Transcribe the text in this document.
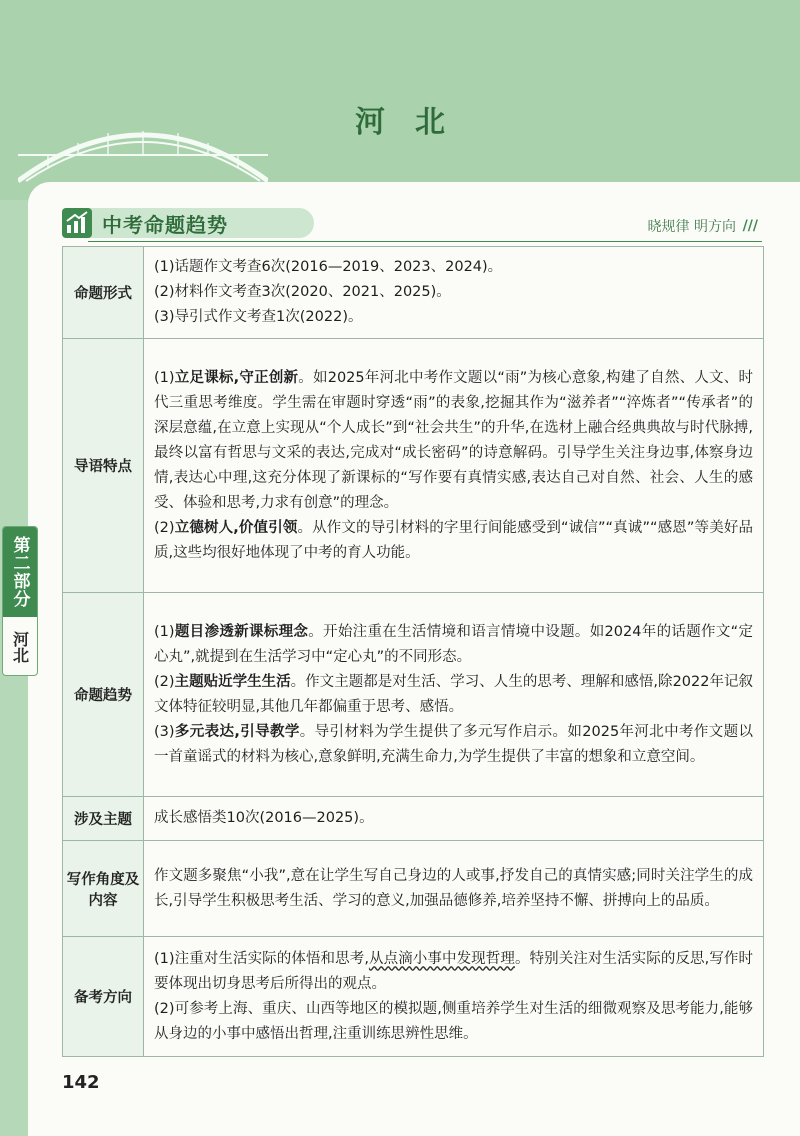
河北
第二部分
河北
中考命题趋势	晓规律 明方向 ///
命题形式	(1)话题作文考查6次(2016—2019、2023、2024)。
(2)材料作文考查3次(2020、2021、2025)。
(3)导引式作文考查1次(2022)。

导语特点	(1)立足课标,守正创新。如2025年河北中考作文题以“雨”为核心意象,构建了自然、人文、时代三重思考维度。学生需在审题时穿透“雨”的表象,挖掘其作为“滋养者”“淬炼者”“传承者”的深层意蕴,在立意上实现从“个人成长”到“社会共生”的升华,在选材上融合经典典故与时代脉搏,最终以富有哲思与文采的表达,完成对“成长密码”的诗意解码。引导学生关注身边事,体察身边情,表达心中理,这充分体现了新课标的“写作要有真情实感,表达自己对自然、社会、人生的感受、体验和思考,力求有创意”的理念。
(2)立德树人,价值引领。从作文的导引材料的字里行间能感受到“诚信”“真诚”“感恩”等美好品质,这些均很好地体现了中考的育人功能。

命题趋势	(1)题目渗透新课标理念。开始注重在生活情境和语言情境中设题。如2024年的话题作文“定心丸”,就提到在生活学习中“定心丸”的不同形态。
(2)主题贴近学生生活。作文主题都是对生活、学习、人生的思考、理解和感悟,除2022年记叙文体特征较明显,其他几年都偏重于思考、感悟。
(3)多元表达,引导教学。导引材料为学生提供了多元写作启示。如2025年河北中考作文题以一首童谣式的材料为核心,意象鲜明,充满生命力,为学生提供了丰富的想象和立意空间。

涉及主题	成长感悟类10次(2016—2025)。

写作角度及内容	作文题多聚焦“小我”,意在让学生写自己身边的人或事,抒发自己的真情实感;同时关注学生的成长,引导学生积极思考生活、学习的意义,加强品德修养,培养坚持不懈、拼搏向上的品质。

备考方向	(1)注重对生活实际的体悟和思考,从点滴小事中发现哲理。特别关注对生活实际的反思,写作时要体现出切身思考后所得出的观点。
(2)可参考上海、重庆、山西等地区的模拟题,侧重培养学生对生活的细微观察及思考能力,能够从身边的小事中感悟出哲理,注重训练思辨性思维。
142
